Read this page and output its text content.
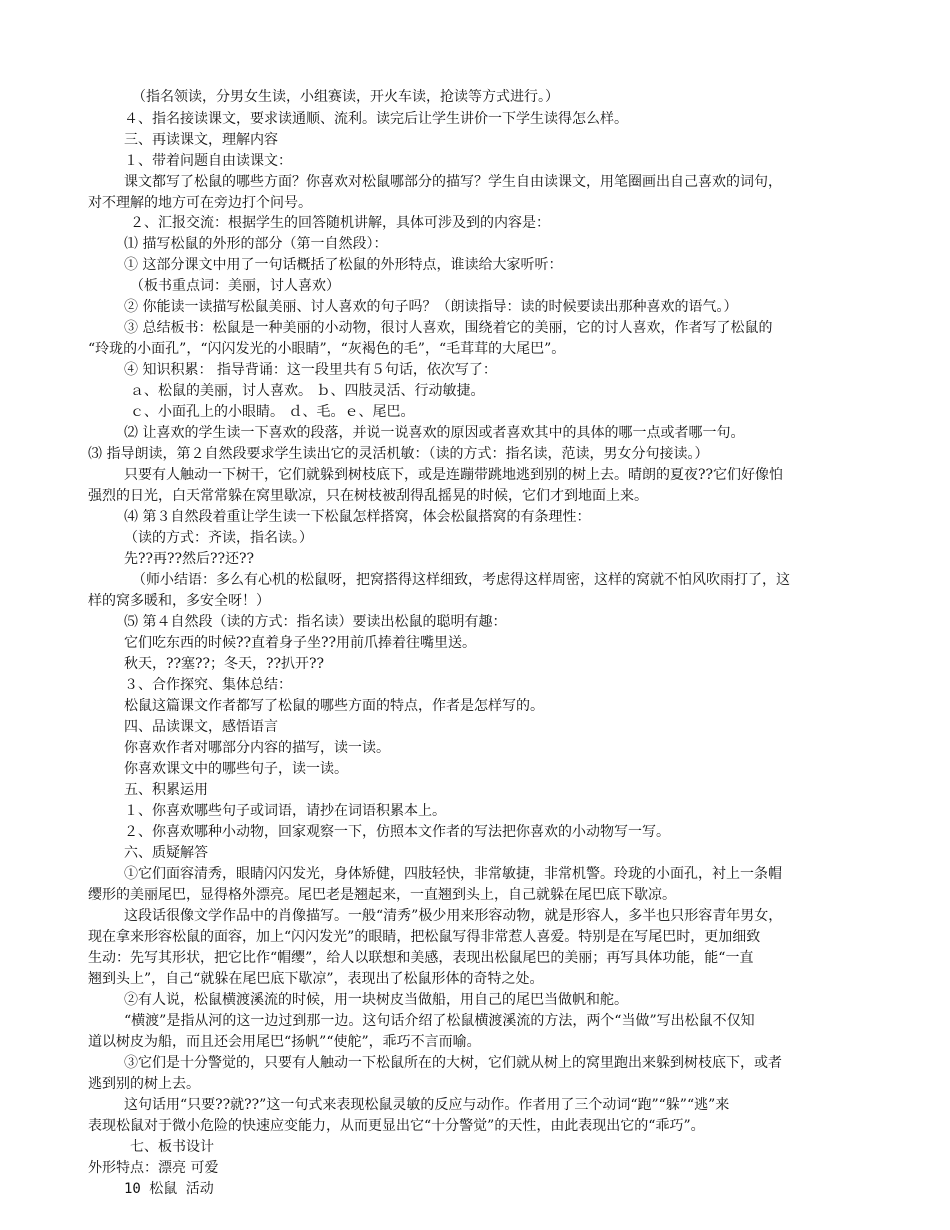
（指名领读，分男女生读，小组赛读，开火车读，抢读等方式进行。）

４、指名接读课文，要求读通顺、流利。读完后让学生讲价一下学生读得怎么样。

三、再读课文，理解内容

１、带着问题自由读课文：

课文都写了松鼠的哪些方面？你喜欢对松鼠哪部分的描写？学生自由读课文，用笔圈画出自己喜欢的词句，

对不理解的地方可在旁边打个问号。

２、汇报交流：根据学生的回答随机讲解，具体可涉及到的内容是：

⑴ 描写松鼠的外形的部分（第一自然段）：

① 这部分课文中用了一句话概括了松鼠的外形特点，谁读给大家听听：

（板书重点词：美丽，讨人喜欢）

② 你能读一读描写松鼠美丽、讨人喜欢的句子吗？（朗读指导：读的时候要读出那种喜欢的语气。）

③ 总结板书：松鼠是一种美丽的小动物，很讨人喜欢，围绕着它的美丽，它的讨人喜欢，作者写了松鼠的

“玲珑的小面孔”，“闪闪发光的小眼睛”，“灰褐色的毛”，“毛茸茸的大尾巴”。

④ 知识积累： 指导背诵：这一段里共有５句话，依次写了：

ａ、松鼠的美丽，讨人喜欢。 ｂ、四肢灵活、行动敏捷。

ｃ、小面孔上的小眼睛。 ｄ、毛。ｅ、尾巴。

⑵ 让喜欢的学生读一下喜欢的段落，并说一说喜欢的原因或者喜欢其中的具体的哪一点或者哪一句。

⑶ 指导朗读，第２自然段要求学生读出它的灵活机敏：（读的方式：指名读，范读，男女分句接读。）

只要有人触动一下树干，它们就躲到树枝底下，或是连蹦带跳地逃到别的树上去。晴朗的夏夜??它们好像怕

强烈的日光，白天常常躲在窝里歇凉，只在树枝被刮得乱摇晃的时候，它们才到地面上来。

⑷ 第３自然段着重让学生读一下松鼠怎样搭窝，体会松鼠搭窝的有条理性：

（读的方式：齐读，指名读。）

先??再??然后??还??

（师小结语：多么有心机的松鼠呀，把窝搭得这样细致，考虑得这样周密，这样的窝就不怕风吹雨打了，这

样的窝多暖和，多安全呀！）

⑸ 第４自然段（读的方式：指名读）要读出松鼠的聪明有趣：

它们吃东西的时候??直着身子坐??用前爪捧着往嘴里送。

秋天，??塞??；冬天，??扒开??

３、合作探究、集体总结：

松鼠这篇课文作者都写了松鼠的哪些方面的特点，作者是怎样写的。

四、品读课文，感悟语言

你喜欢作者对哪部分内容的描写，读一读。

你喜欢课文中的哪些句子，读一读。

五、积累运用

１、你喜欢哪些句子或词语，请抄在词语积累本上。

２、你喜欢哪种小动物，回家观察一下，仿照本文作者的写法把你喜欢的小动物写一写。

六、质疑解答

①它们面容清秀，眼睛闪闪发光，身体矫健，四肢轻快，非常敏捷，非常机警。玲珑的小面孔，衬上一条帽

缨形的美丽尾巴，显得格外漂亮。尾巴老是翘起来，一直翘到头上，自己就躲在尾巴底下歇凉。

这段话很像文学作品中的肖像描写。一般“清秀”极少用来形容动物，就是形容人，多半也只形容青年男女，

现在拿来形容松鼠的面容，加上“闪闪发光”的眼睛，把松鼠写得非常惹人喜爱。特别是在写尾巴时，更加细致

生动：先写其形状，把它比作“帽缨”，给人以联想和美感，表现出松鼠尾巴的美丽；再写具体功能，能“一直

翘到头上”，自己“就躲在尾巴底下歇凉”，表现出了松鼠形体的奇特之处。

②有人说，松鼠横渡溪流的时候，用一块树皮当做船，用自己的尾巴当做帆和舵。

“横渡”是指从河的这一边过到那一边。这句话介绍了松鼠横渡溪流的方法，两个“当做”写出松鼠不仅知

道以树皮为船，而且还会用尾巴“扬帆”“使舵”，乖巧不言而喻。

③它们是十分警觉的，只要有人触动一下松鼠所在的大树，它们就从树上的窝里跑出来躲到树枝底下，或者

逃到别的树上去。

这句话用“只要??就??”这一句式来表现松鼠灵敏的反应与动作。作者用了三个动词“跑”“躲”“逃”来

表现松鼠对于微小危险的快速应变能力，从而更显出它“十分警觉”的天性，由此表现出它的“乖巧”。

七、板书设计

外形特点：漂亮 可爱

10 松鼠 活动
